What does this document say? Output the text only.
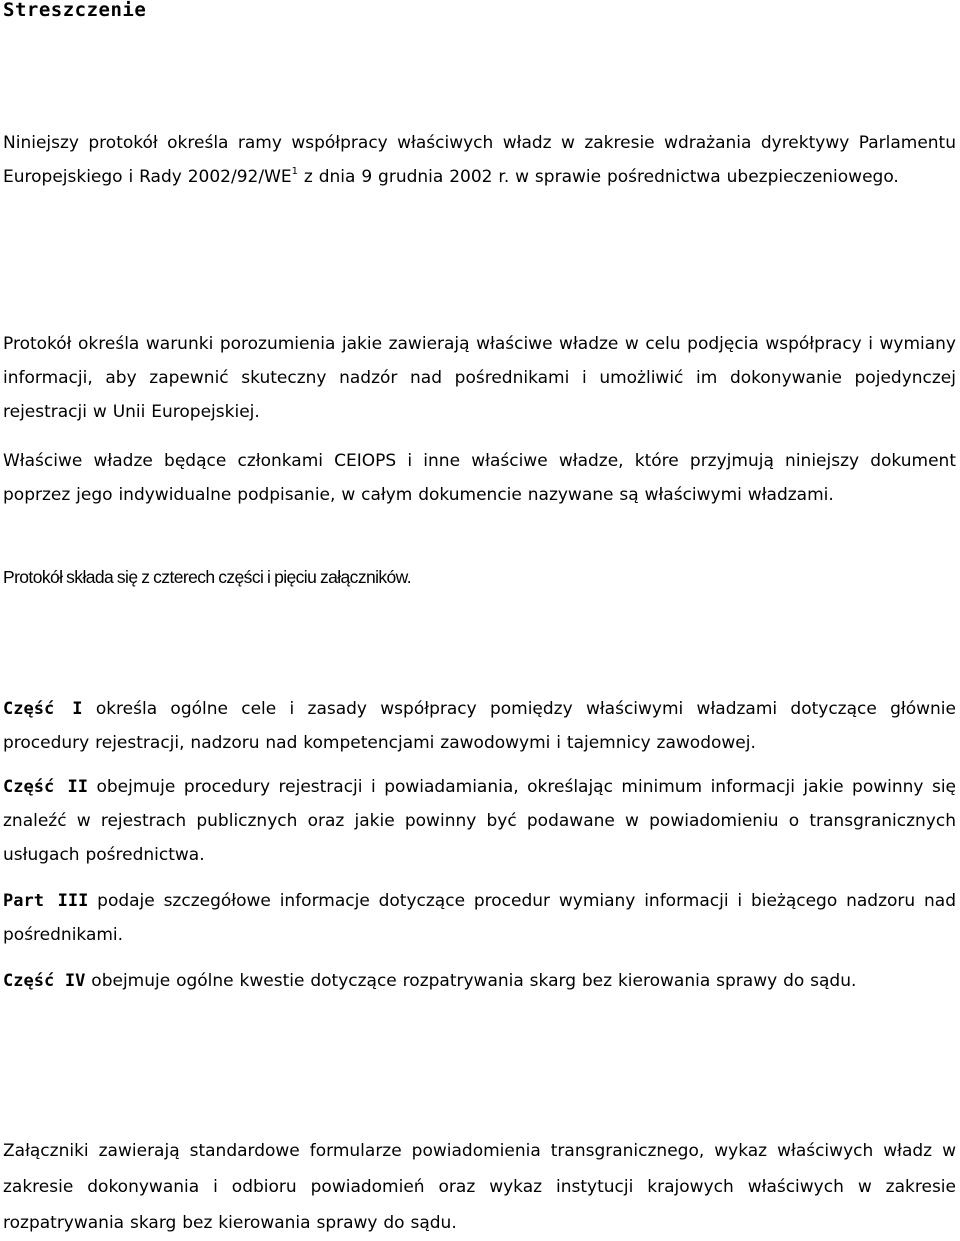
Streszczenie

Niniejszy protokół określa ramy współpracy właściwych władz w zakresie wdrażania dyrektywy Parlamentu Europejskiego i Rady $2002/92/WE^1$ z dnia 9 grudnia 2002 r. w sprawie pośrednictwa ubezpieczeniowego.

Protokół określa warunki porozumienia jakie zawierają właściwe władze w celu podjęcia współpracy i wymiany informacji, aby zapewnić skuteczny nadzór nad pośrednikami i umożliwić im dokonywanie pojedynczej rejestracji w Unii Europejskiej.

Właściwe władze będące członkami CEIOPS i inne właściwe władze, które przyjmują niniejszy dokument poprzez jego indywidualne podpisanie, w całym dokumencie nazywane są właściwymi władzami.

Protokół składa się z czterech części i pięciu załączników.

Część I określa ogólne cele i zasady współpracy pomiędzy właściwymi władzami dotyczące głównie procedury rejestracji, nadzoru nad kompetencjami zawodowymi i tajemnicy zawodowej.

Część II obejmuje procedury rejestracji i powiadamiania, określając minimum informacji jakie powinny się znaleźć w rejestrach publicznych oraz jakie powinny być podawane w powiadomieniu o transgranicznych usługach pośrednictwa.

Part III podaje szczegółowe informacje dotyczące procedur wymiany informacji i bieżącego nadzoru nad pośrednikami.

Część IV obejmuje ogólne kwestie dotyczące rozpatrywania skarg bez kierowania sprawy do sądu.

Załączniki zawierają standardowe formularze powiadomienia transgranicznego, wykaz właściwych władz w zakresie dokonywania i odbioru powiadomień oraz wykaz instytucji krajowych właściwych w zakresie rozpatrywania skarg bez kierowania sprawy do sądu.
